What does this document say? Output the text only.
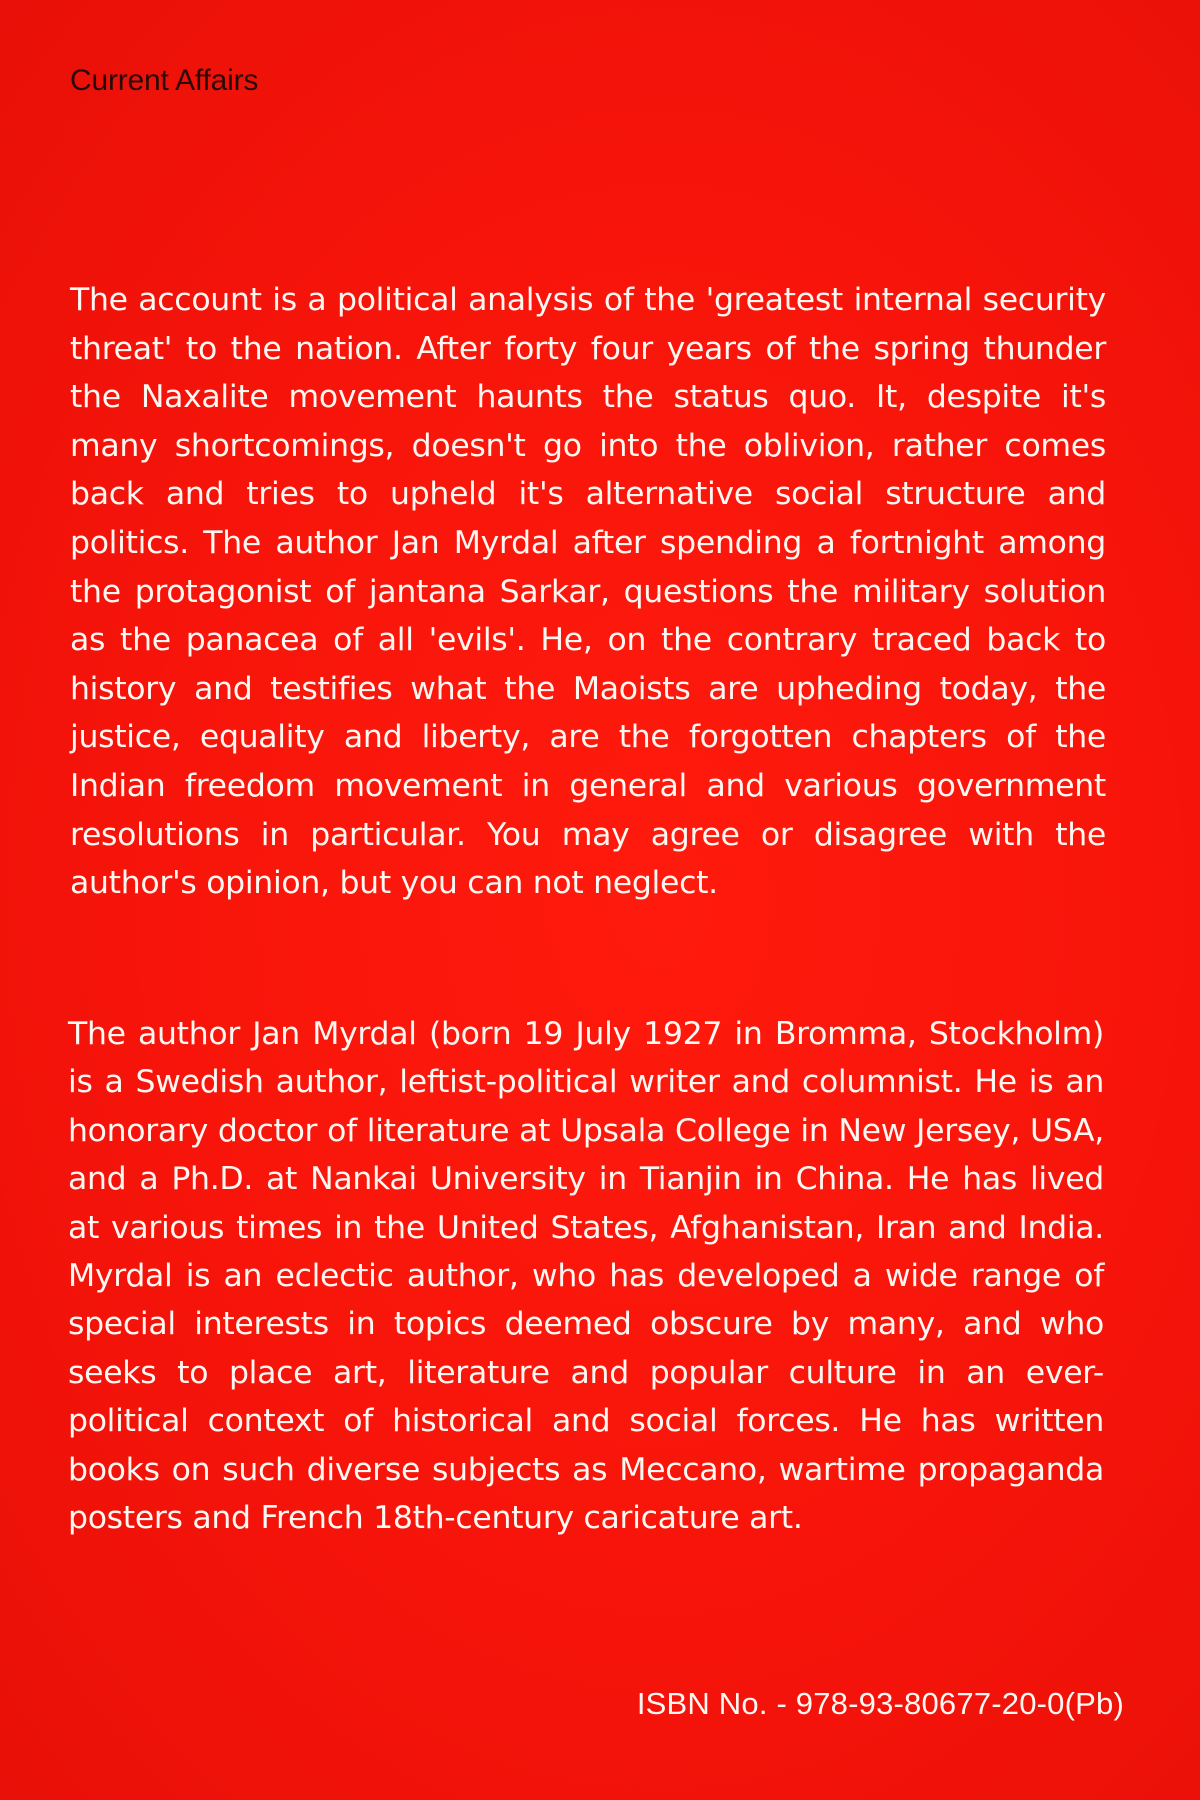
Current Affairs

The account is a political analysis of the 'greatest internal security threat' to the nation. After forty four years of the spring thunder the Naxalite movement haunts the status quo. It, despite it's many shortcomings, doesn't go into the oblivion, rather comes back and tries to upheld it's alternative social structure and politics. The author Jan Myrdal after spending a fortnight among the protagonist of jantana Sarkar, questions the military solution as the panacea of all 'evils'. He, on the contrary traced back to history and testifies what the Maoists are upheding today, the justice, equality and liberty, are the forgotten chapters of the Indian freedom movement in general and various government resolutions in particular. You may agree or disagree with the author's opinion, but you can not neglect.

The author Jan Myrdal (born 19 July 1927 in Bromma, Stockholm) is a Swedish author, leftist-political writer and columnist. He is an honorary doctor of literature at Upsala College in New Jersey, USA, and a Ph.D. at Nankai University in Tianjin in China. He has lived at various times in the United States, Afghanistan, Iran and India. Myrdal is an eclectic author, who has developed a wide range of special interests in topics deemed obscure by many, and who seeks to place art, literature and popular culture in an ever-political context of historical and social forces. He has written books on such diverse subjects as Meccano, wartime propaganda posters and French 18th-century caricature art.

ISBN No. - 978-93-80677-20-0(Pb)
